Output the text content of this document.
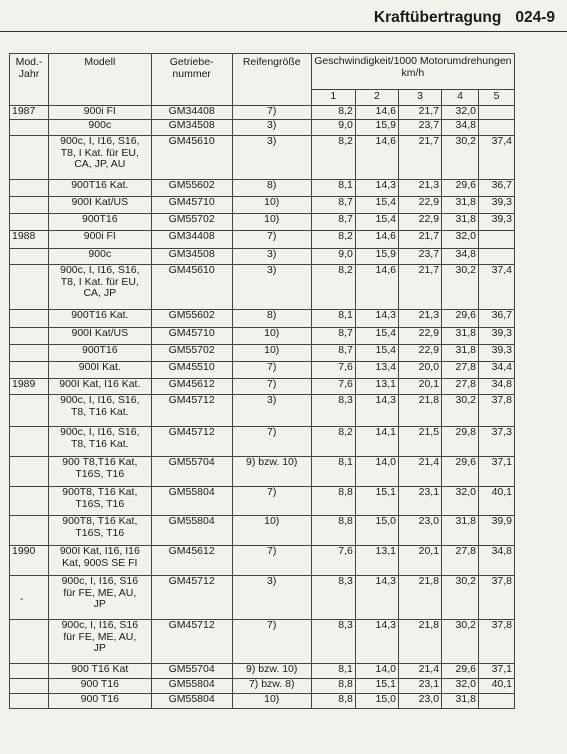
Kraftübertragung 024-9
Mod.-
Jahr	Modell	Getriebe-
nummer	Reifengröße	Geschwindigkeit/1000 Motorumdrehungen
km/h				
				1	2	3	4	5
1987	900i FI	GM34408	7)	8,2	14,6	21,7	32,0	
	900c	GM34508	3)	9,0	15,9	23,7	34,8	
	900c, I, I16, S16,
T8, I Kat. für EU,
CA, JP, AU	GM45610	3)	8,2	14,6	21,7	30,2	37,4
	900T16 Kat.	GM55602	8)	8,1	14,3	21,3	29,6	36,7
	900I Kat/US	GM45710	10)	8,7	15,4	22,9	31,8	39,3
	900T16	GM55702	10)	8,7	15,4	22,9	31,8	39,3
1988	900i FI	GM34408	7)	8,2	14,6	21,7	32,0	
	900c	GM34508	3)	9,0	15,9	23,7	34,8	
	900c, I, I16, S16,
T8, I Kat. für EU,
CA, JP	GM45610	3)	8,2	14,6	21,7	30,2	37,4
	900T16 Kat.	GM55602	8)	8,1	14,3	21,3	29,6	36,7
	900I Kat/US	GM45710	10)	8,7	15,4	22,9	31,8	39,3
	900T16	GM55702	10)	8,7	15,4	22,9	31,8	39,3
	900I Kat.	GM45510	7)	7,6	13,4	20,0	27,8	34,4
1989	900I Kat, I16 Kat.	GM45612	7)	7,6	13,1	20,1	27,8	34,8
	900c, I, I16, S16,
T8, T16 Kat.	GM45712	3)	8,3	14,3	21,8	30,2	37,8
	900c, I, I16, S16,
T8, T16 Kat.	GM45712	7)	8,2	14,1	21,5	29,8	37,3
	900 T8,T16 Kat,
T16S, T16	GM55704	9) bzw. 10)	8,1	14,0	21,4	29,6	37,1
	900T8, T16 Kat,
T16S, T16	GM55804	7)	8,8	15,1	23,1	32,0	40,1
	900T8, T16 Kat,
T16S, T16	GM55804	10)	8,8	15,0	23,0	31,8	39,9
1990	900I Kat, I16, I16
Kat, 900S SE FI	GM45612	7)	7,6	13,1	20,1	27,8	34,8
	900c, I, I16, S16
für FE, ME, AU,
JP	GM45712	3)	8,3	14,3	21,8	30,2	37,8
	900c, I, I16, S16
für FE, ME, AU,
JP	GM45712	7)	8,3	14,3	21,8	30,2	37,8
	900 T16 Kat	GM55704	9) bzw. 10)	8,1	14,0	21,4	29,6	37,1
	900 T16	GM55804	7) bzw. 8)	8,8	15,1	23,1	32,0	40,1
	900 T16	GM55804	10)	8,8	15,0	23,0	31,8	
-
